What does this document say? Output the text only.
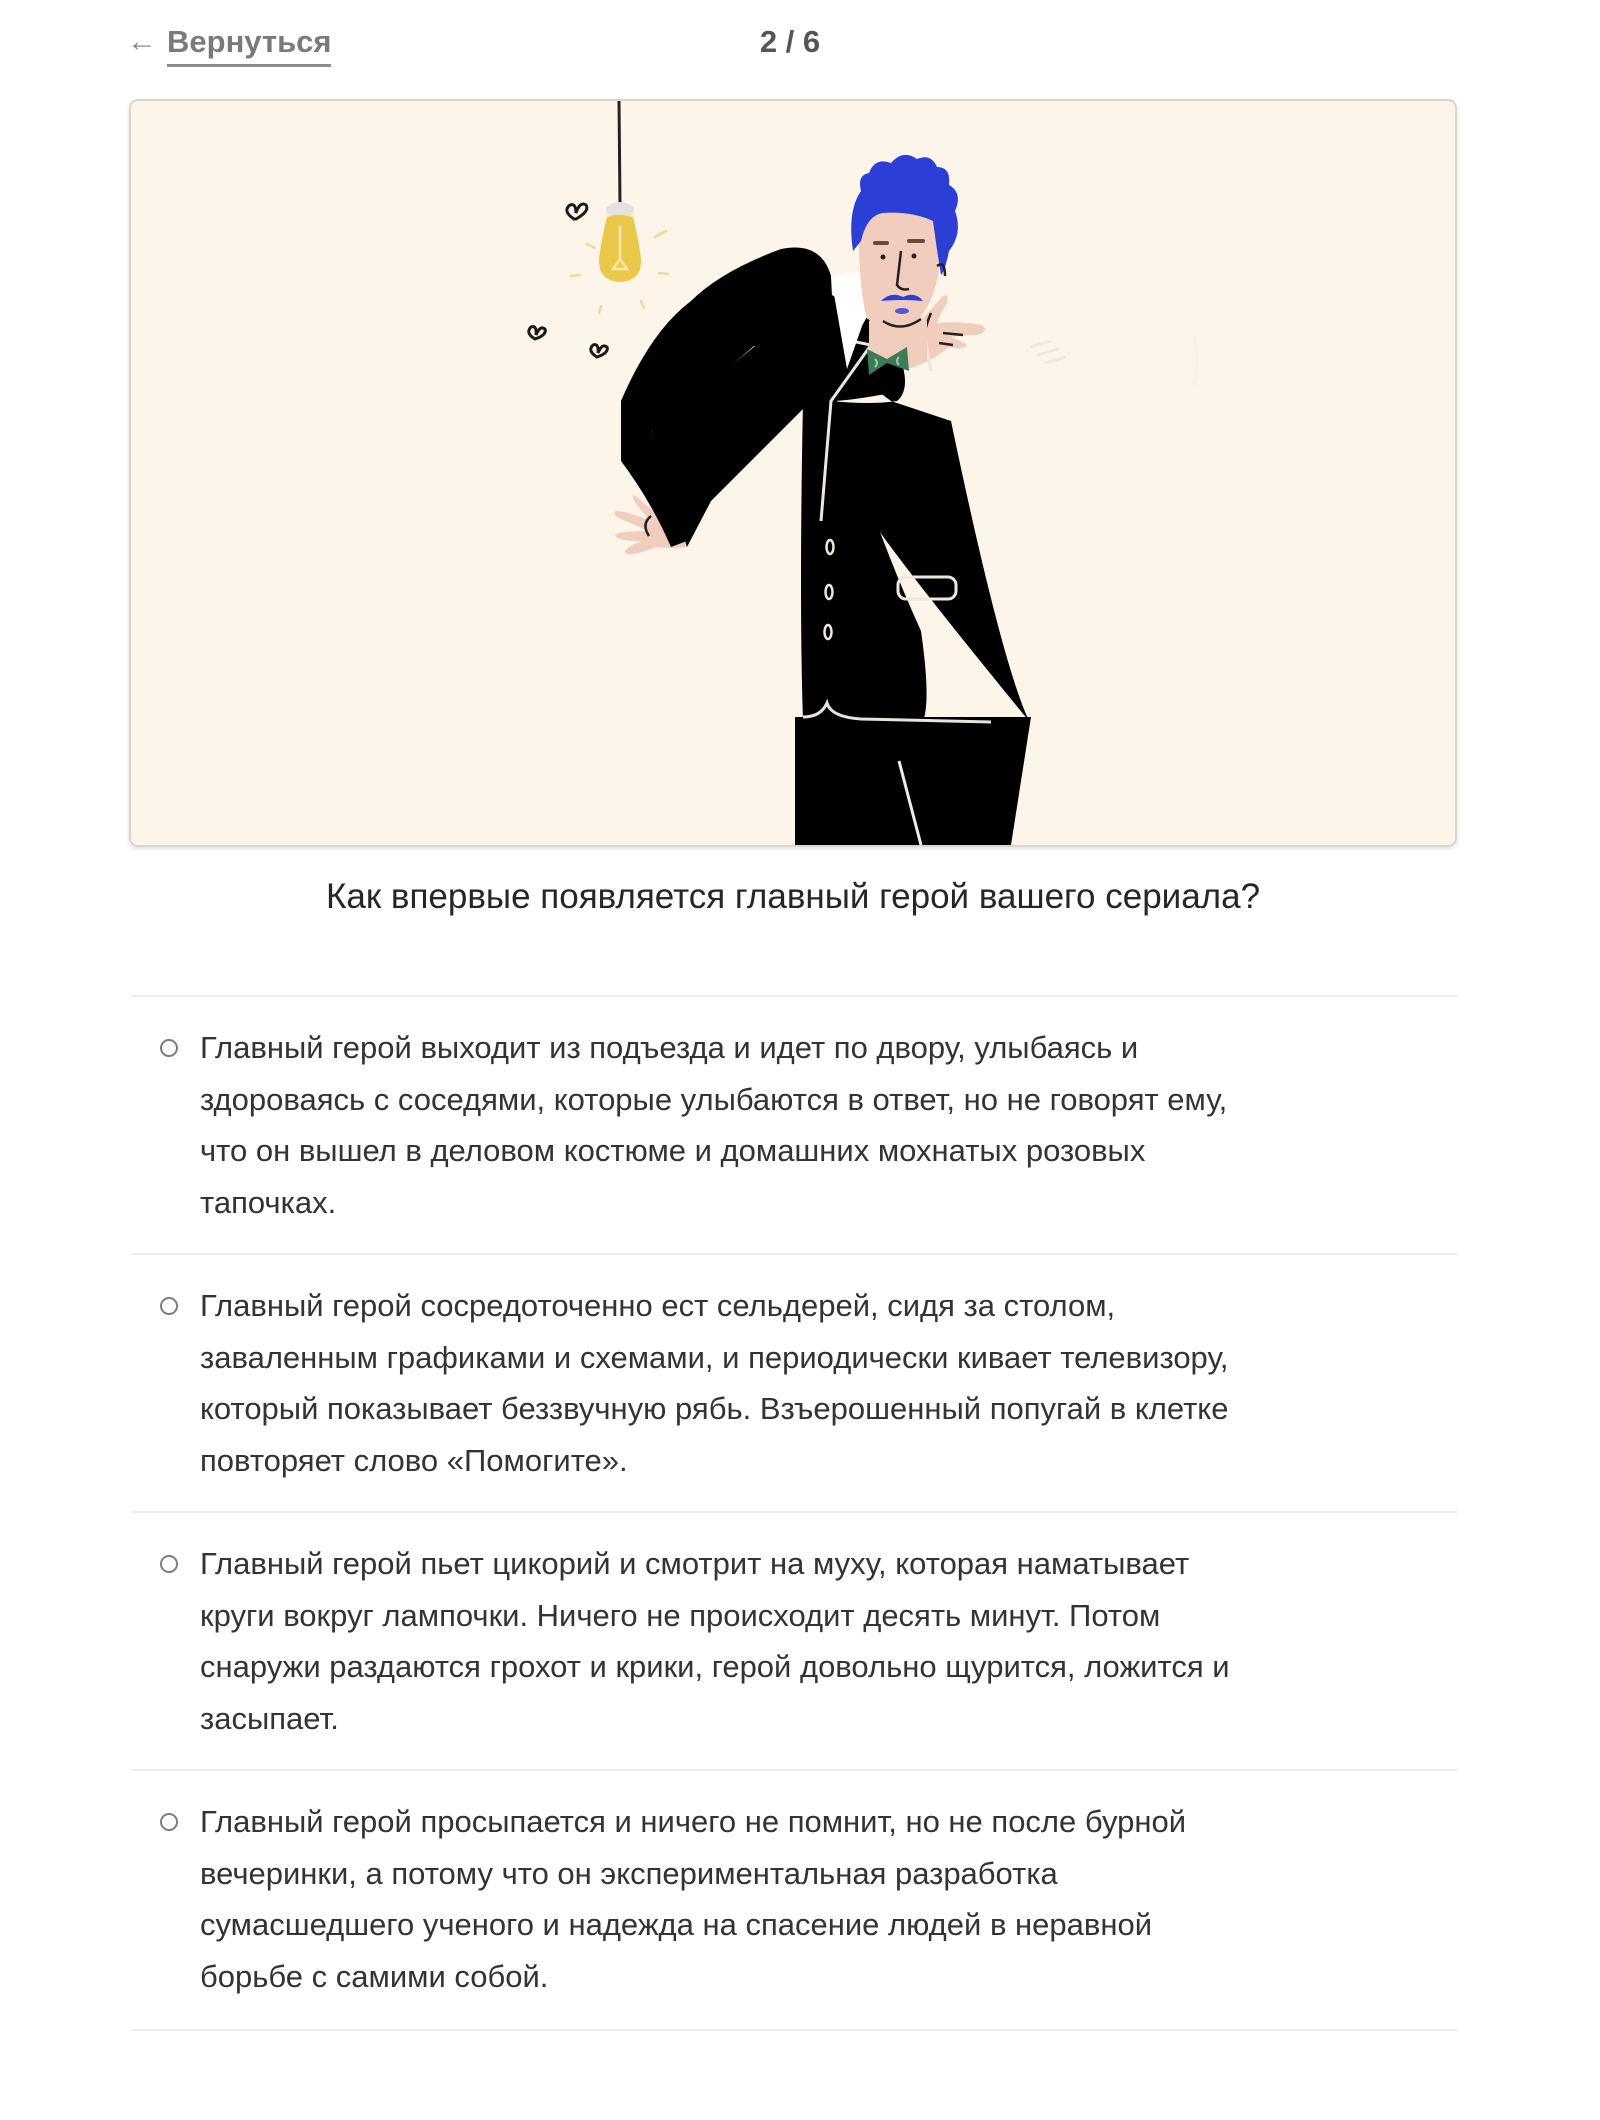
← Вернуться	2 / 6
Как впервые появляется главный герой вашего сериала?
Главный герой выходит из подъезда и идет по двору, улыбаясь и
здороваясь с соседями, которые улыбаются в ответ, но не говорят ему,
что он вышел в деловом костюме и домашних мохнатых розовых
тапочках.
Главный герой сосредоточенно ест сельдерей, сидя за столом,
заваленным графиками и схемами, и периодически кивает телевизору,
который показывает беззвучную рябь. Взъерошенный попугай в клетке
повторяет слово «Помогите».
Главный герой пьет цикорий и смотрит на муху, которая наматывает
круги вокруг лампочки. Ничего не происходит десять минут. Потом
снаружи раздаются грохот и крики, герой довольно щурится, ложится и
засыпает.
Главный герой просыпается и ничего не помнит, но не после бурной
вечеринки, а потому что он экспериментальная разработка
сумасшедшего ученого и надежда на спасение людей в неравной
борьбе с самими собой.
